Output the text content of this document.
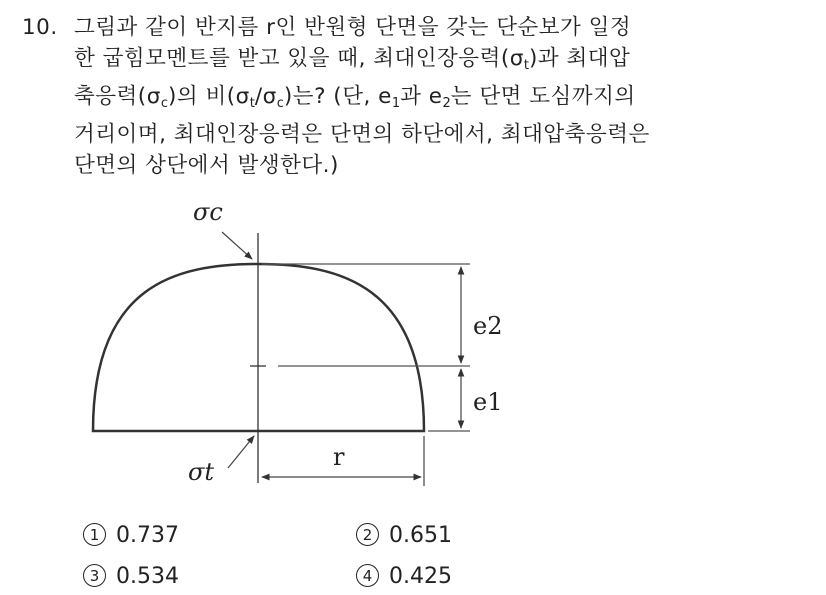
10. 그림과 같이 반지름 r인 반원형 단면을 갖는 단순보가 일정
한 굽힘모멘트를 받고 있을 때, 최대인장응력$(\sigma_t)$과 최대압
축응력$(\sigma_c)$의 비$(\sigma_t/\sigma_c)$는? (단, $e_1$과 $e_2$는 단면 도심까지의
거리이며, 최대인장응력은 단면의 하단에서, 최대압축응력은
단면의 상단에서 발생한다.)
σc
σt
e2
e1
r
1 0.737	2 0.651
3 0.534	4 0.425
